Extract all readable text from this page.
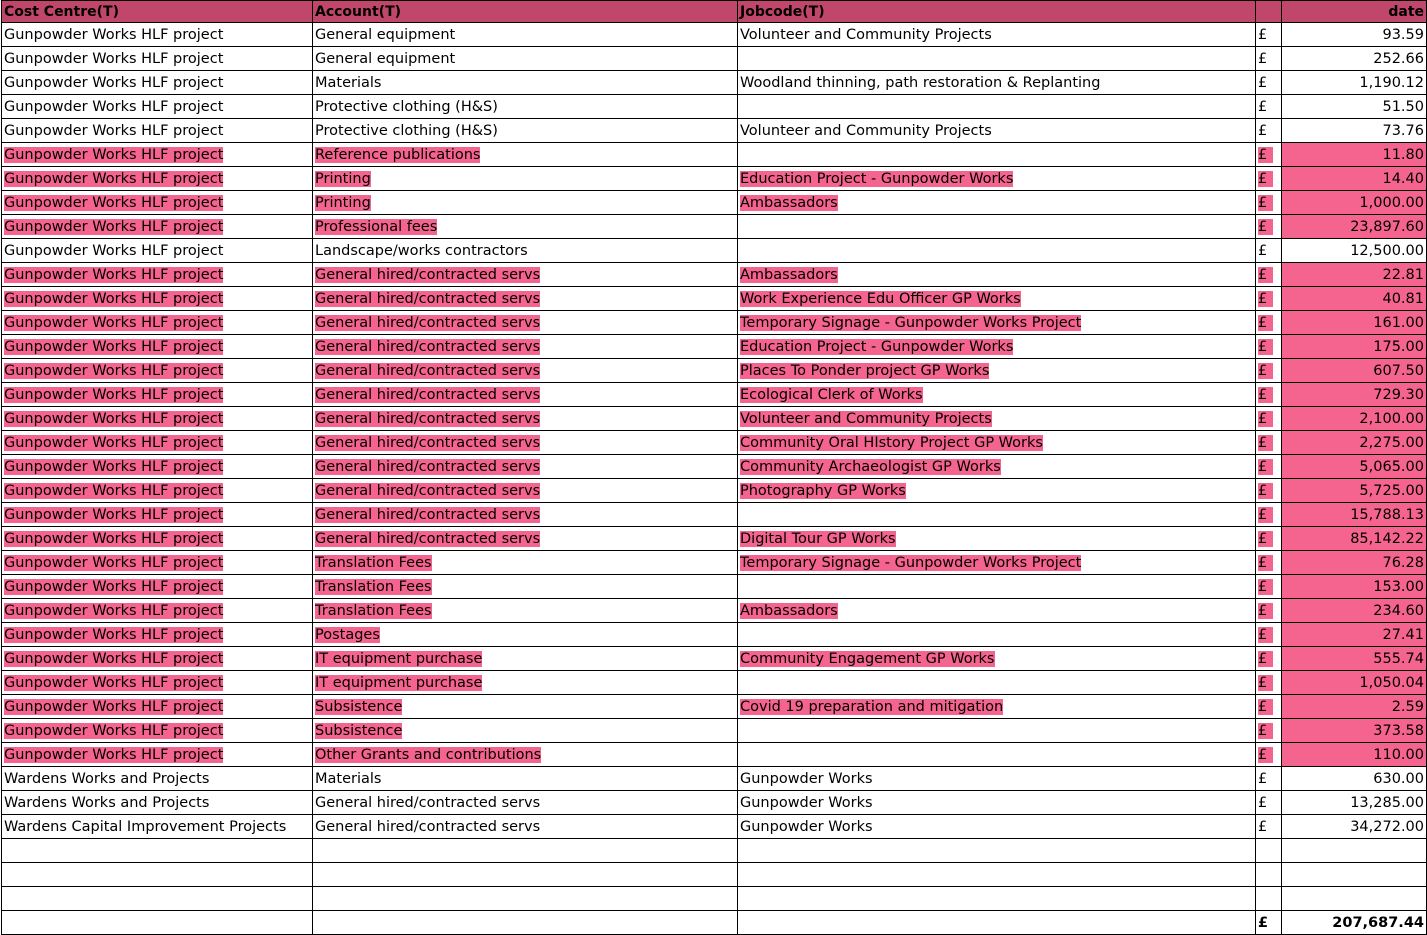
Cost Centre(T)	Account(T)	Jobcode(T)		date
Gunpowder Works HLF project	General equipment	Volunteer and Community Projects	£	93.59
Gunpowder Works HLF project	General equipment		£	252.66
Gunpowder Works HLF project	Materials	Woodland thinning, path restoration & Replanting	£	1,190.12
Gunpowder Works HLF project	Protective clothing (H&S)		£	51.50
Gunpowder Works HLF project	Protective clothing (H&S)	Volunteer and Community Projects	£	73.76
Gunpowder Works HLF project	Reference publications		£	11.80
Gunpowder Works HLF project	Printing	Education Project - Gunpowder Works	£	14.40
Gunpowder Works HLF project	Printing	Ambassadors	£	1,000.00
Gunpowder Works HLF project	Professional fees		£	23,897.60
Gunpowder Works HLF project	Landscape/works contractors		£	12,500.00
Gunpowder Works HLF project	General hired/contracted servs	Ambassadors	£	22.81
Gunpowder Works HLF project	General hired/contracted servs	Work Experience Edu Officer GP Works	£	40.81
Gunpowder Works HLF project	General hired/contracted servs	Temporary Signage - Gunpowder Works Project	£	161.00
Gunpowder Works HLF project	General hired/contracted servs	Education Project - Gunpowder Works	£	175.00
Gunpowder Works HLF project	General hired/contracted servs	Places To Ponder project GP Works	£	607.50
Gunpowder Works HLF project	General hired/contracted servs	Ecological Clerk of Works	£	729.30
Gunpowder Works HLF project	General hired/contracted servs	Volunteer and Community Projects	£	2,100.00
Gunpowder Works HLF project	General hired/contracted servs	Community Oral HIstory Project GP Works	£	2,275.00
Gunpowder Works HLF project	General hired/contracted servs	Community Archaeologist GP Works	£	5,065.00
Gunpowder Works HLF project	General hired/contracted servs	Photography GP Works	£	5,725.00
Gunpowder Works HLF project	General hired/contracted servs		£	15,788.13
Gunpowder Works HLF project	General hired/contracted servs	Digital Tour GP Works	£	85,142.22
Gunpowder Works HLF project	Translation Fees	Temporary Signage - Gunpowder Works Project	£	76.28
Gunpowder Works HLF project	Translation Fees		£	153.00
Gunpowder Works HLF project	Translation Fees	Ambassadors	£	234.60
Gunpowder Works HLF project	Postages		£	27.41
Gunpowder Works HLF project	IT equipment purchase	Community Engagement GP Works	£	555.74
Gunpowder Works HLF project	IT equipment purchase		£	1,050.04
Gunpowder Works HLF project	Subsistence	Covid 19 preparation and mitigation	£	2.59
Gunpowder Works HLF project	Subsistence		£	373.58
Gunpowder Works HLF project	Other Grants and contributions		£	110.00
Wardens Works and Projects	Materials	Gunpowder Works	£	630.00
Wardens Works and Projects	General hired/contracted servs	Gunpowder Works	£	13,285.00
Wardens Capital Improvement Projects	General hired/contracted servs	Gunpowder Works	£	34,272.00

			£	207,687.44
